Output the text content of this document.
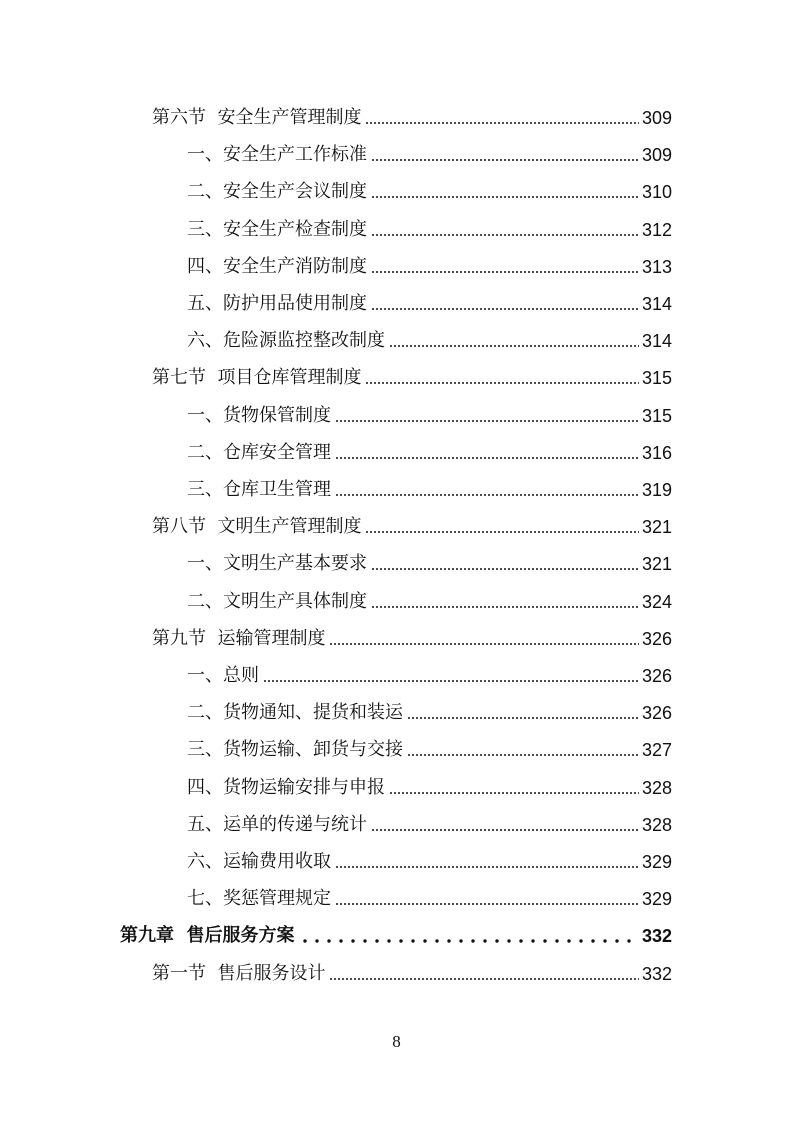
第六节  安全生产管理制度	309
一、安全生产工作标准	309
二、安全生产会议制度	310
三、安全生产检查制度	312
四、安全生产消防制度	313
五、防护用品使用制度	314
六、危险源监控整改制度	314
第七节  项目仓库管理制度	315
一、货物保管制度	315
二、仓库安全管理	316
三、仓库卫生管理	319
第八节  文明生产管理制度	321
一、文明生产基本要求	321
二、文明生产具体制度	324
第九节  运输管理制度	326
一、总则	326
二、货物通知、提货和装运	326
三、货物运输、卸货与交接	327
四、货物运输安排与申报	328
五、运单的传递与统计	328
六、运输费用收取	329
七、奖惩管理规定	329
第九章  售后服务方案	332
第一节  售后服务设计	332
8
